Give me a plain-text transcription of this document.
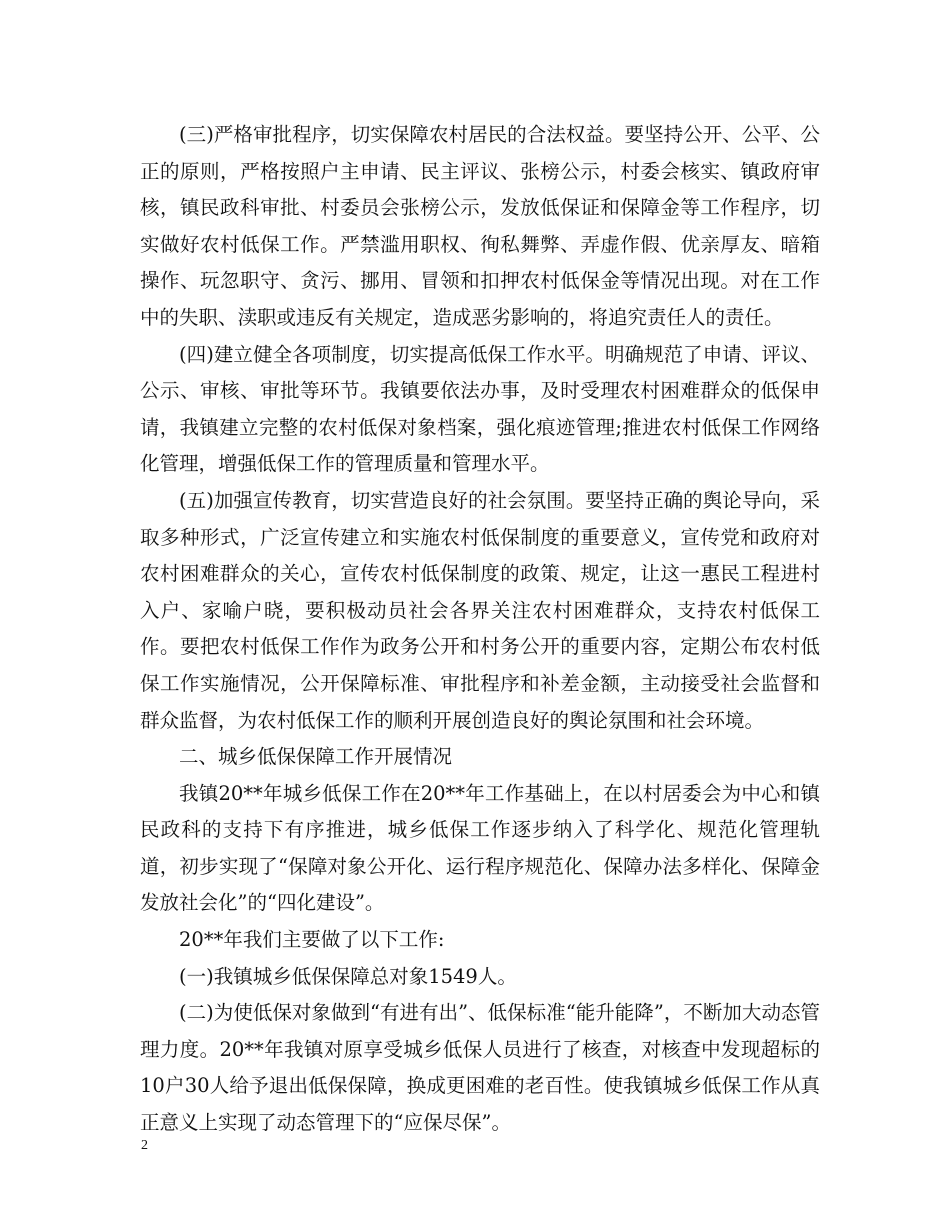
(三)严格审批程序，切实保障农村居民的合法权益。要坚持公开、公平、公正的原则，严格按照户主申请、民主评议、张榜公示，村委会核实、镇政府审核，镇民政科审批、村委员会张榜公示，发放低保证和保障金等工作程序，切实做好农村低保工作。严禁滥用职权、徇私舞弊、弄虚作假、优亲厚友、暗箱操作、玩忽职守、贪污、挪用、冒领和扣押农村低保金等情况出现。对在工作中的失职、渎职或违反有关规定，造成恶劣影响的，将追究责任人的责任。

(四)建立健全各项制度，切实提高低保工作水平。明确规范了申请、评议、公示、审核、审批等环节。我镇要依法办事，及时受理农村困难群众的低保申请，我镇建立完整的农村低保对象档案，强化痕迹管理;推进农村低保工作网络化管理，增强低保工作的管理质量和管理水平。

(五)加强宣传教育，切实营造良好的社会氛围。要坚持正确的舆论导向，采取多种形式，广泛宣传建立和实施农村低保制度的重要意义，宣传党和政府对农村困难群众的关心，宣传农村低保制度的政策、规定，让这一惠民工程进村入户、家喻户晓，要积极动员社会各界关注农村困难群众，支持农村低保工作。要把农村低保工作作为政务公开和村务公开的重要内容，定期公布农村低保工作实施情况，公开保障标准、审批程序和补差金额，主动接受社会监督和群众监督，为农村低保工作的顺利开展创造良好的舆论氛围和社会环境。

二、城乡低保保障工作开展情况

我镇20**年城乡低保工作在20**年工作基础上，在以村居委会为中心和镇民政科的支持下有序推进，城乡低保工作逐步纳入了科学化、规范化管理轨道，初步实现了“保障对象公开化、运行程序规范化、保障办法多样化、保障金发放社会化”的“四化建设”。

20**年我们主要做了以下工作:

(一)我镇城乡低保保障总对象1549人。

(二)为使低保对象做到“有进有出”、低保标准“能升能降”，不断加大动态管理力度。20**年我镇对原享受城乡低保人员进行了核查，对核查中发现超标的10户30人给予退出低保保障，换成更困难的老百性。使我镇城乡低保工作从真正意义上实现了动态管理下的“应保尽保”。

2
